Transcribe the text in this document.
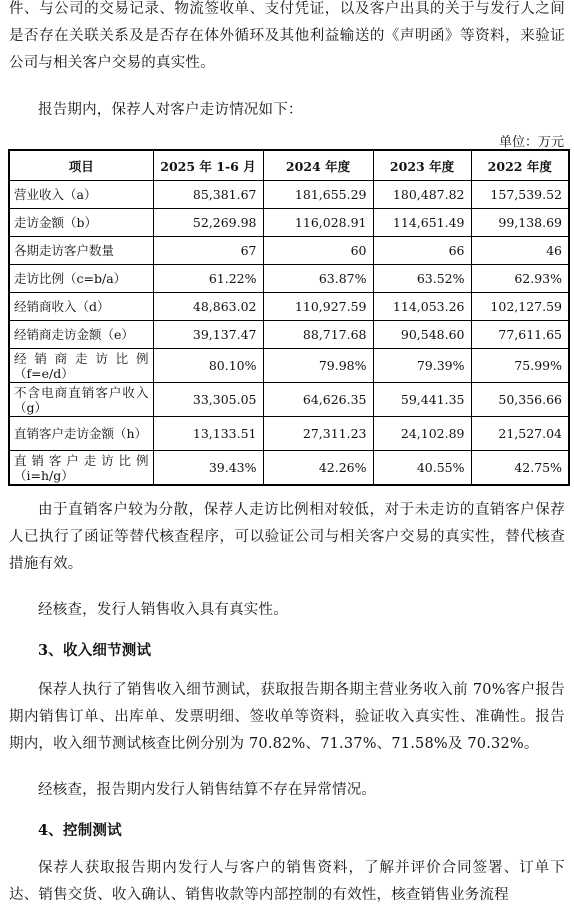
件、与公司的交易记录、物流签收单、支付凭证，以及客户出具的关于与发行人之间是否存在关联关系及是否存在体外循环及其他利益输送的《声明函》等资料，来验证公司与相关客户交易的真实性。

报告期内，保荐人对客户走访情况如下：

单位：万元
项目	2025 年 1-6 月	2024 年度	2023 年度	2022 年度
营业收入（a）	85,381.67	181,655.29	180,487.82	157,539.52
走访金额（b）	52,269.98	116,028.91	114,651.49	99,138.69
各期走访客户数量	67	60	66	46
走访比例（c=b/a）	61.22%	63.87%	63.52%	62.93%
经销商收入（d）	48,863.02	110,927.59	114,053.26	102,127.59
经销商走访金额（e）	39,137.47	88,717.68	90,548.60	77,611.65
经销商走访比例（f=e/d）	80.10%	79.98%	79.39%	75.99%
不含电商直销客户收入（g）	33,305.05	64,626.35	59,441.35	50,356.66
直销客户走访金额（h）	13,133.51	27,311.23	24,102.89	21,527.04
直销客户走访比例（i=h/g）	39.43%	42.26%	40.55%	42.75%

由于直销客户较为分散，保荐人走访比例相对较低，对于未走访的直销客户保荐人已执行了函证等替代核查程序，可以验证公司与相关客户交易的真实性，替代核查措施有效。

经核查，发行人销售收入具有真实性。

3、收入细节测试

保荐人执行了销售收入细节测试，获取报告期各期主营业务收入前 70%客户报告期内销售订单、出库单、发票明细、签收单等资料，验证收入真实性、准确性。报告期内，收入细节测试核查比例分别为 70.82%、71.37%、71.58%及 70.32%。

经核查，报告期内发行人销售结算不存在异常情况。

4、控制测试

保荐人获取报告期内发行人与客户的销售资料，了解并评价合同签署、订单下达、销售交货、收入确认、销售收款等内部控制的有效性，核查销售业务流程
